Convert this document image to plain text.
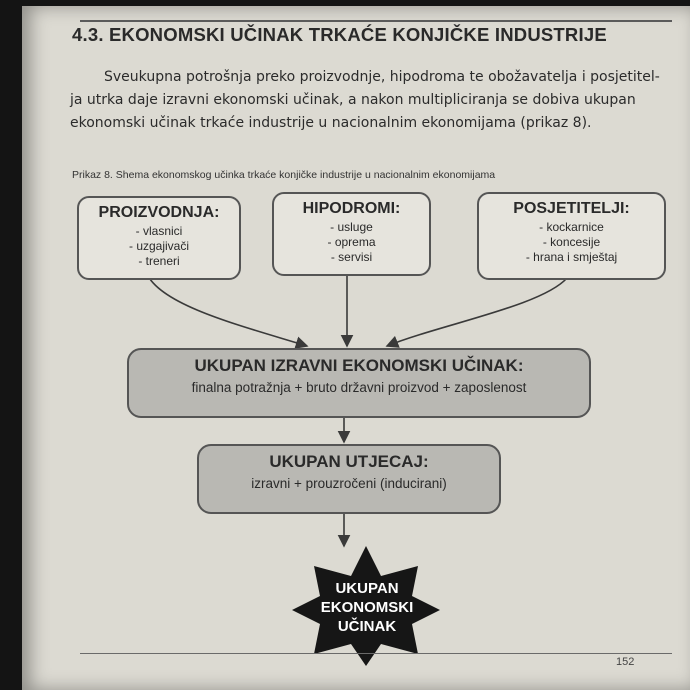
4.3. EKONOMSKI UČINAK TRKAĆE KONJIČKE INDUSTRIJE

Sveukupna potrošnja preko proizvodnje, hipodroma te obožavatelja i posjetitel-

ja utrka daje izravni ekonomski učinak, a nakon multipliciranja se dobiva ukupan
ekonomski učinak trkaće industrije u nacionalnim ekonomijama (prikaz 8).
Prikaz 8. Shema ekonomskog učinka trkaće konjičke industrije u nacionalnim ekonomijama
PROIZVODNJA:
- vlasnici
- uzgajivači
- treneri
HIPODROMI:
- usluge
- oprema
- servisi
POSJETITELJI:
- kockarnice
- koncesije
- hrana i smještaj
UKUPAN IZRAVNI EKONOMSKI UČINAK:
finalna potražnja + bruto državni proizvod + zaposlenost
UKUPAN UTJECAJ:
izravni + prouzročeni (inducirani)
UKUPAN
EKONOMSKI
UČINAK
152
